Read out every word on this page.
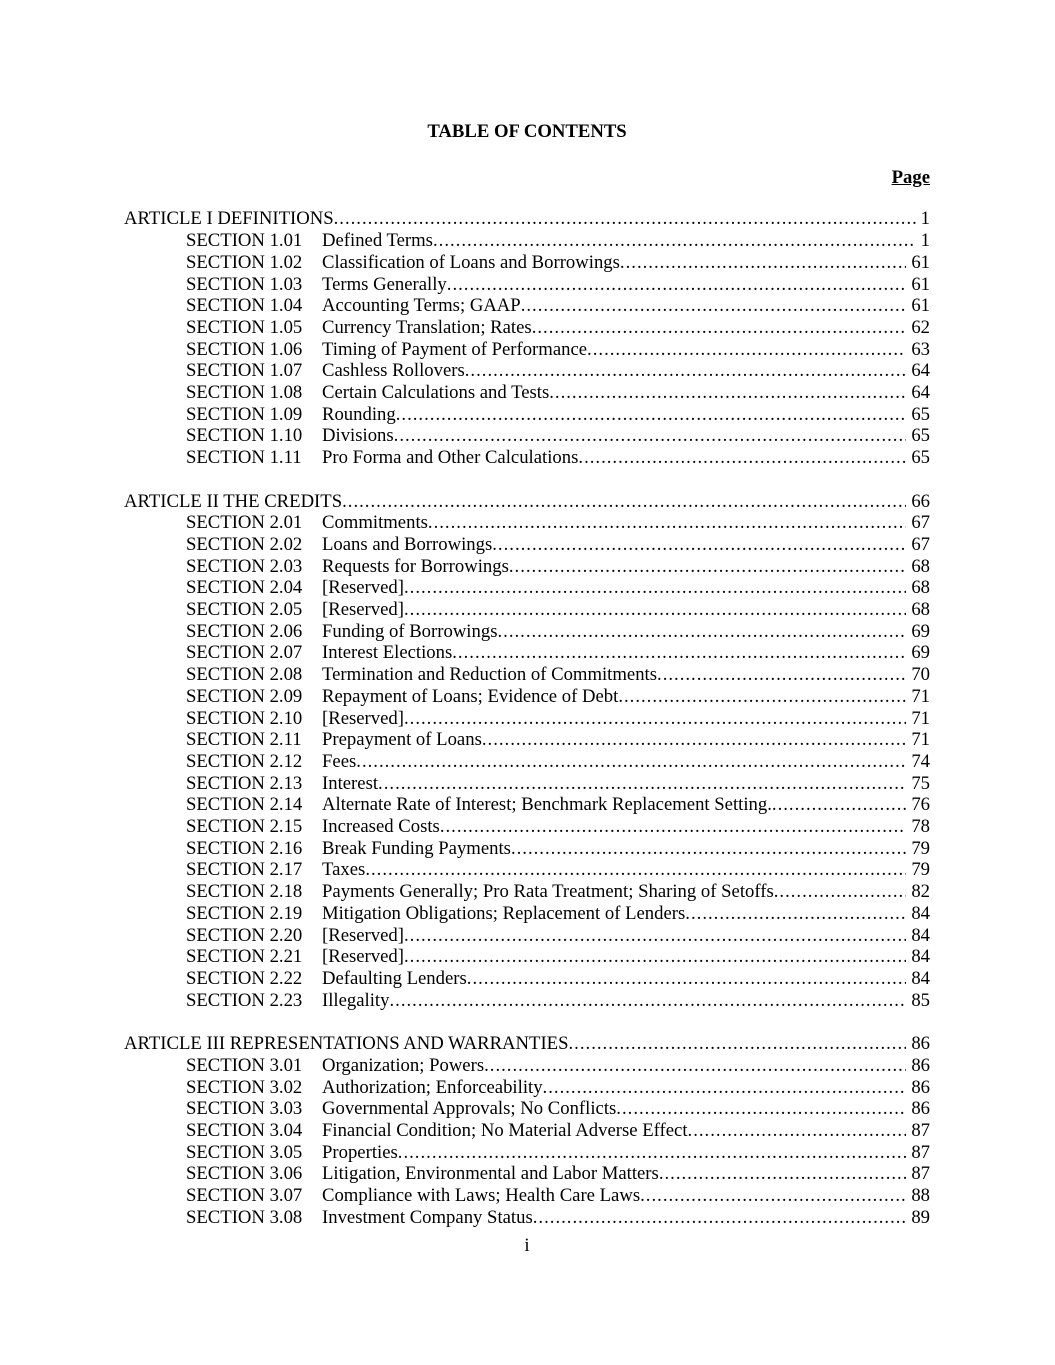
TABLE OF CONTENTS
Page
ARTICLE I DEFINITIONS .....	1
SECTION 1.01	Defined Terms .....	1
SECTION 1.02	Classification of Loans and Borrowings .....	61
SECTION 1.03	Terms Generally .....	61
SECTION 1.04	Accounting Terms; GAAP .....	61
SECTION 1.05	Currency Translation; Rates .....	62
SECTION 1.06	Timing of Payment of Performance .....	63
SECTION 1.07	Cashless Rollovers .....	64
SECTION 1.08	Certain Calculations and Tests .....	64
SECTION 1.09	Rounding .....	65
SECTION 1.10	Divisions .....	65
SECTION 1.11	Pro Forma and Other Calculations .....	65
ARTICLE II THE CREDITS .....	66
SECTION 2.01	Commitments .....	67
SECTION 2.02	Loans and Borrowings .....	67
SECTION 2.03	Requests for Borrowings .....	68
SECTION 2.04	[Reserved] .....	68
SECTION 2.05	[Reserved] .....	68
SECTION 2.06	Funding of Borrowings .....	69
SECTION 2.07	Interest Elections .....	69
SECTION 2.08	Termination and Reduction of Commitments .....	70
SECTION 2.09	Repayment of Loans; Evidence of Debt .....	71
SECTION 2.10	[Reserved] .....	71
SECTION 2.11	Prepayment of Loans .....	71
SECTION 2.12	Fees .....	74
SECTION 2.13	Interest .....	75
SECTION 2.14	Alternate Rate of Interest; Benchmark Replacement Setting. .....	76
SECTION 2.15	Increased Costs .....	78
SECTION 2.16	Break Funding Payments .....	79
SECTION 2.17	Taxes .....	79
SECTION 2.18	Payments Generally; Pro Rata Treatment; Sharing of Setoffs .....	82
SECTION 2.19	Mitigation Obligations; Replacement of Lenders .....	84
SECTION 2.20	[Reserved] .....	84
SECTION 2.21	[Reserved] .....	84
SECTION 2.22	Defaulting Lenders .....	84
SECTION 2.23	Illegality .....	85
ARTICLE III REPRESENTATIONS AND WARRANTIES .....	86
SECTION 3.01	Organization; Powers .....	86
SECTION 3.02	Authorization; Enforceability .....	86
SECTION 3.03	Governmental Approvals; No Conflicts .....	86
SECTION 3.04	Financial Condition; No Material Adverse Effect .....	87
SECTION 3.05	Properties .....	87
SECTION 3.06	Litigation, Environmental and Labor Matters .....	87
SECTION 3.07	Compliance with Laws; Health Care Laws .....	88
SECTION 3.08	Investment Company Status .....	89
i
